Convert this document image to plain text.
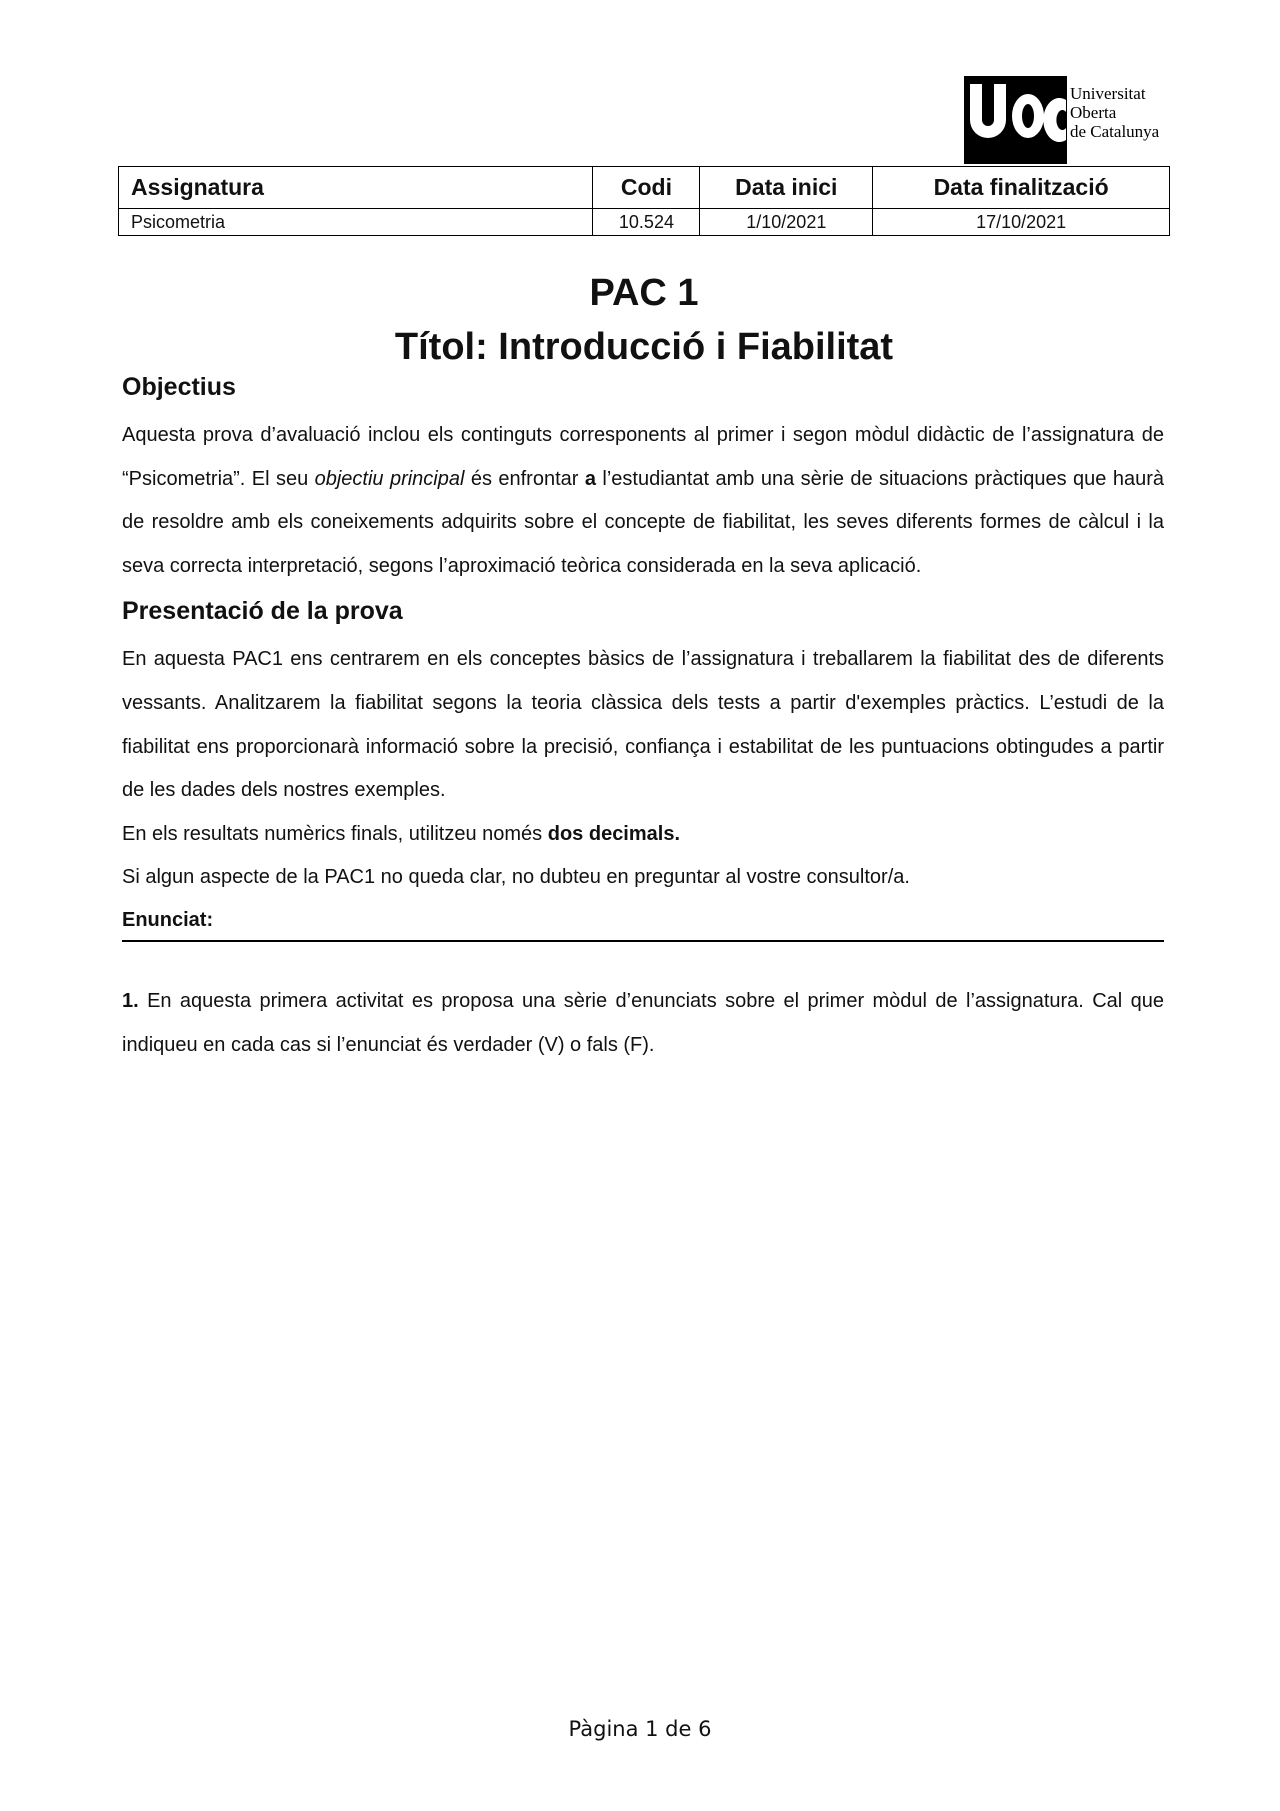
Universitat
Oberta
de Catalunya
Assignatura	Codi	Data inici	Data finalització
Psicometria	10.524	1/10/2021	17/10/2021
PAC 1
Títol: Introducció i Fiabilitat
Objectius

Aquesta prova d’avaluació inclou els continguts corresponents al primer i segon mòdul didàctic de l’assignatura de “Psicometria”. El seu objectiu principal és enfrontar a l’estudiantat amb una sèrie de situacions pràctiques que haurà de resoldre amb els coneixements adquirits sobre el concepte de fiabilitat, les seves diferents formes de càlcul i la seva correcta interpretació, segons l’aproximació teòrica considerada en la seva aplicació.

Presentació de la prova

En aquesta PAC1 ens centrarem en els conceptes bàsics de l’assignatura i treballarem la fiabilitat des de diferents vessants. Analitzarem la fiabilitat segons la teoria clàssica dels tests a partir d'exemples pràctics. L’estudi de la fiabilitat ens proporcionarà informació sobre la precisió, confiança i estabilitat de les puntuacions obtingudes a partir de les dades dels nostres exemples.

En els resultats numèrics finals, utilitzeu només dos decimals.

Si algun aspecte de la PAC1 no queda clar, no dubteu en preguntar al vostre consultor/a.

Enunciat:

1. En aquesta primera activitat es proposa una sèrie d’enunciats sobre el primer mòdul de l’assignatura. Cal que indiqueu en cada cas si l’enunciat és verdader (V) o fals (F).

Pàgina 1 de 6
